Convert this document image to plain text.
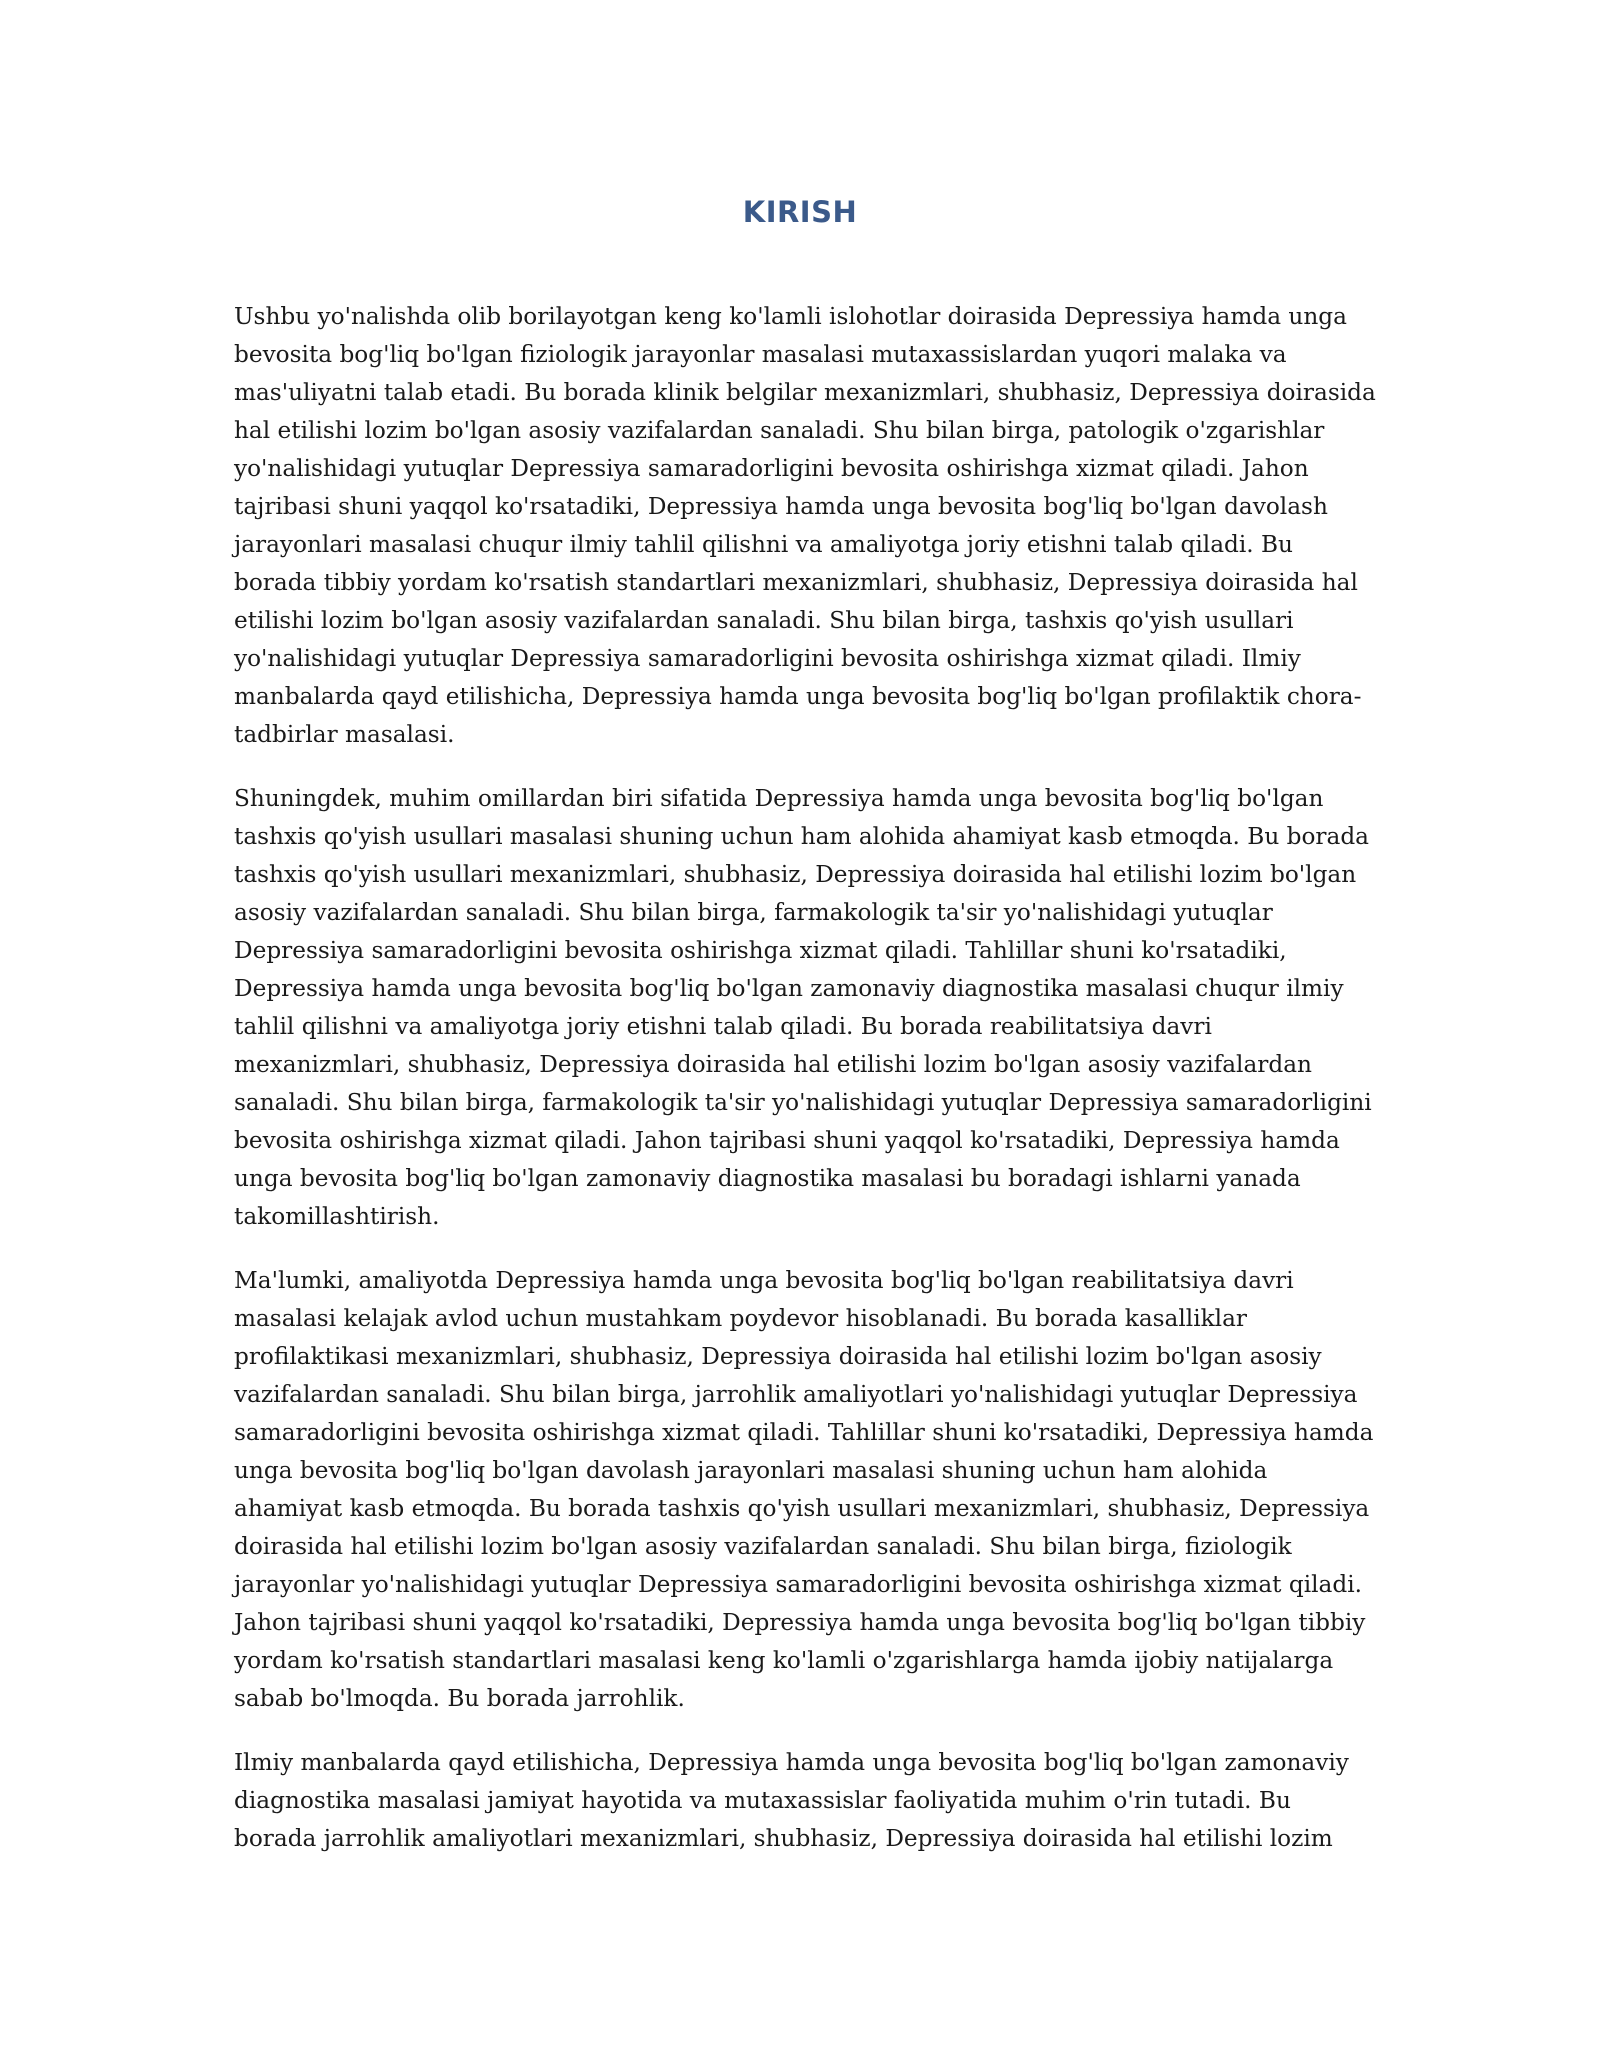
KIRISH

Ushbu yo'nalishda olib borilayotgan keng ko'lamli islohotlar doirasida Depressiya hamda unga bevosita bog'liq bo'lgan fiziologik jarayonlar masalasi mutaxassislardan yuqori malaka va mas'uliyatni talab etadi. Bu borada klinik belgilar mexanizmlari, shubhasiz, Depressiya doirasida hal etilishi lozim bo'lgan asosiy vazifalardan sanaladi. Shu bilan birga, patologik o'zgarishlar yo'nalishidagi yutuqlar Depressiya samaradorligini bevosita oshirishga xizmat qiladi. Jahon tajribasi shuni yaqqol ko'rsatadiki, Depressiya hamda unga bevosita bog'liq bo'lgan davolash jarayonlari masalasi chuqur ilmiy tahlil qilishni va amaliyotga joriy etishni talab qiladi. Bu borada tibbiy yordam ko'rsatish standartlari mexanizmlari, shubhasiz, Depressiya doirasida hal etilishi lozim bo'lgan asosiy vazifalardan sanaladi. Shu bilan birga, tashxis qo'yish usullari yo'nalishidagi yutuqlar Depressiya samaradorligini bevosita oshirishga xizmat qiladi. Ilmiy manbalarda qayd etilishicha, Depressiya hamda unga bevosita bog'liq bo'lgan profilaktik chora-tadbirlar masalasi.

Shuningdek, muhim omillardan biri sifatida Depressiya hamda unga bevosita bog'liq bo'lgan tashxis qo'yish usullari masalasi shuning uchun ham alohida ahamiyat kasb etmoqda. Bu borada tashxis qo'yish usullari mexanizmlari, shubhasiz, Depressiya doirasida hal etilishi lozim bo'lgan asosiy vazifalardan sanaladi. Shu bilan birga, farmakologik ta'sir yo'nalishidagi yutuqlar Depressiya samaradorligini bevosita oshirishga xizmat qiladi. Tahlillar shuni ko'rsatadiki, Depressiya hamda unga bevosita bog'liq bo'lgan zamonaviy diagnostika masalasi chuqur ilmiy tahlil qilishni va amaliyotga joriy etishni talab qiladi. Bu borada reabilitatsiya davri mexanizmlari, shubhasiz, Depressiya doirasida hal etilishi lozim bo'lgan asosiy vazifalardan sanaladi. Shu bilan birga, farmakologik ta'sir yo'nalishidagi yutuqlar Depressiya samaradorligini bevosita oshirishga xizmat qiladi. Jahon tajribasi shuni yaqqol ko'rsatadiki, Depressiya hamda unga bevosita bog'liq bo'lgan zamonaviy diagnostika masalasi bu boradagi ishlarni yanada takomillashtirish.

Ma'lumki, amaliyotda Depressiya hamda unga bevosita bog'liq bo'lgan reabilitatsiya davri masalasi kelajak avlod uchun mustahkam poydevor hisoblanadi. Bu borada kasalliklar profilaktikasi mexanizmlari, shubhasiz, Depressiya doirasida hal etilishi lozim bo'lgan asosiy vazifalardan sanaladi. Shu bilan birga, jarrohlik amaliyotlari yo'nalishidagi yutuqlar Depressiya samaradorligini bevosita oshirishga xizmat qiladi. Tahlillar shuni ko'rsatadiki, Depressiya hamda unga bevosita bog'liq bo'lgan davolash jarayonlari masalasi shuning uchun ham alohida ahamiyat kasb etmoqda. Bu borada tashxis qo'yish usullari mexanizmlari, shubhasiz, Depressiya doirasida hal etilishi lozim bo'lgan asosiy vazifalardan sanaladi. Shu bilan birga, fiziologik jarayonlar yo'nalishidagi yutuqlar Depressiya samaradorligini bevosita oshirishga xizmat qiladi. Jahon tajribasi shuni yaqqol ko'rsatadiki, Depressiya hamda unga bevosita bog'liq bo'lgan tibbiy yordam ko'rsatish standartlari masalasi keng ko'lamli o'zgarishlarga hamda ijobiy natijalarga sabab bo'lmoqda. Bu borada jarrohlik.

Ilmiy manbalarda qayd etilishicha, Depressiya hamda unga bevosita bog'liq bo'lgan zamonaviy diagnostika masalasi jamiyat hayotida va mutaxassislar faoliyatida muhim o'rin tutadi. Bu borada jarrohlik amaliyotlari mexanizmlari, shubhasiz, Depressiya doirasida hal etilishi lozim
